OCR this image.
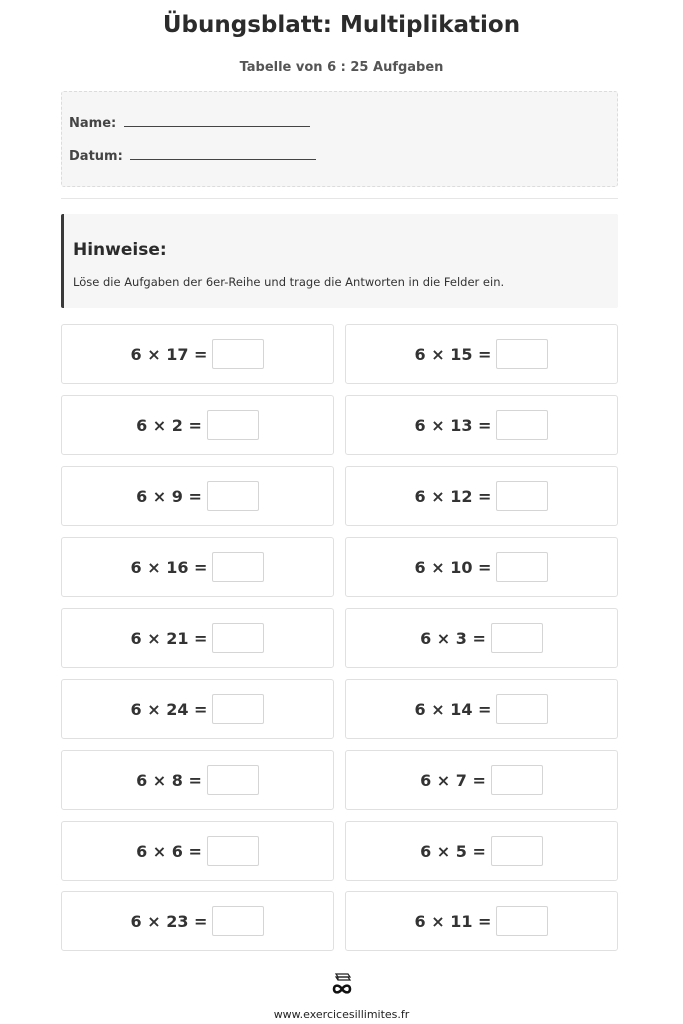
Übungsblatt: Multiplikation
Tabelle von 6 : 25 Aufgaben
Name:
Datum:
Hinweise:
Löse die Aufgaben der 6er-Reihe und trage die Antworten in die Felder ein.
6 × 17 =
6 × 2 =
6 × 9 =
6 × 16 =
6 × 21 =
6 × 24 =
6 × 8 =
6 × 6 =
6 × 23 =
6 × 15 =
6 × 13 =
6 × 12 =
6 × 10 =
6 × 3 =
6 × 14 =
6 × 7 =
6 × 5 =
6 × 11 =
www.exercicesillimites.fr
